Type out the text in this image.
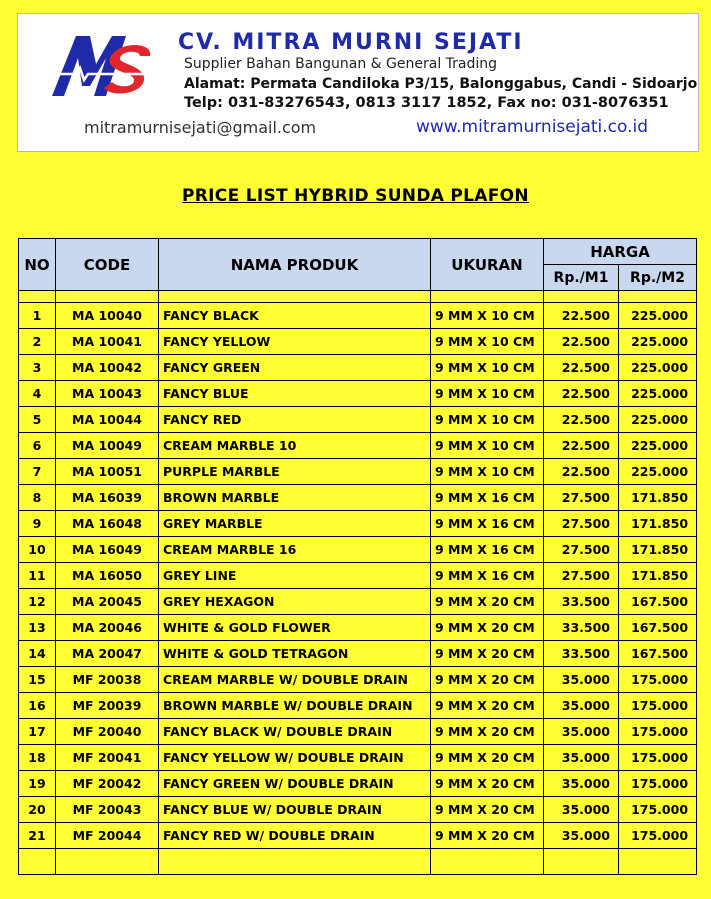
CV. MITRA MURNI SEJATI
Supplier Bahan Bangunan & General Trading
Alamat: Permata Candiloka P3/15, Balonggabus, Candi - Sidoarjo
Telp: 031-83276543, 0813 3117 1852, Fax no: 031-8076351
mitramurnisejati@gmail.com	www.mitramurnisejati.co.id
PRICE LIST HYBRID SUNDA PLAFON
NO	CODE	NAMA PRODUK	UKURAN	HARGA	
				Rp./M1	Rp./M2

1	MA 10040	FANCY BLACK	9 MM X 10 CM	22.500	225.000
2	MA 10041	FANCY YELLOW	9 MM X 10 CM	22.500	225.000
3	MA 10042	FANCY GREEN	9 MM X 10 CM	22.500	225.000
4	MA 10043	FANCY BLUE	9 MM X 10 CM	22.500	225.000
5	MA 10044	FANCY RED	9 MM X 10 CM	22.500	225.000
6	MA 10049	CREAM MARBLE 10	9 MM X 10 CM	22.500	225.000
7	MA 10051	PURPLE MARBLE	9 MM X 10 CM	22.500	225.000
8	MA 16039	BROWN MARBLE	9 MM X 16 CM	27.500	171.850
9	MA 16048	GREY MARBLE	9 MM X 16 CM	27.500	171.850
10	MA 16049	CREAM MARBLE 16	9 MM X 16 CM	27.500	171.850
11	MA 16050	GREY LINE	9 MM X 16 CM	27.500	171.850
12	MA 20045	GREY HEXAGON	9 MM X 20 CM	33.500	167.500
13	MA 20046	WHITE & GOLD FLOWER	9 MM X 20 CM	33.500	167.500
14	MA 20047	WHITE & GOLD TETRAGON	9 MM X 20 CM	33.500	167.500
15	MF 20038	CREAM MARBLE W/ DOUBLE DRAIN	9 MM X 20 CM	35.000	175.000
16	MF 20039	BROWN MARBLE W/ DOUBLE DRAIN	9 MM X 20 CM	35.000	175.000
17	MF 20040	FANCY BLACK W/ DOUBLE DRAIN	9 MM X 20 CM	35.000	175.000
18	MF 20041	FANCY YELLOW W/ DOUBLE DRAIN	9 MM X 20 CM	35.000	175.000
19	MF 20042	FANCY GREEN W/ DOUBLE DRAIN	9 MM X 20 CM	35.000	175.000
20	MF 20043	FANCY BLUE W/ DOUBLE DRAIN	9 MM X 20 CM	35.000	175.000
21	MF 20044	FANCY RED W/ DOUBLE DRAIN	9 MM X 20 CM	35.000	175.000
